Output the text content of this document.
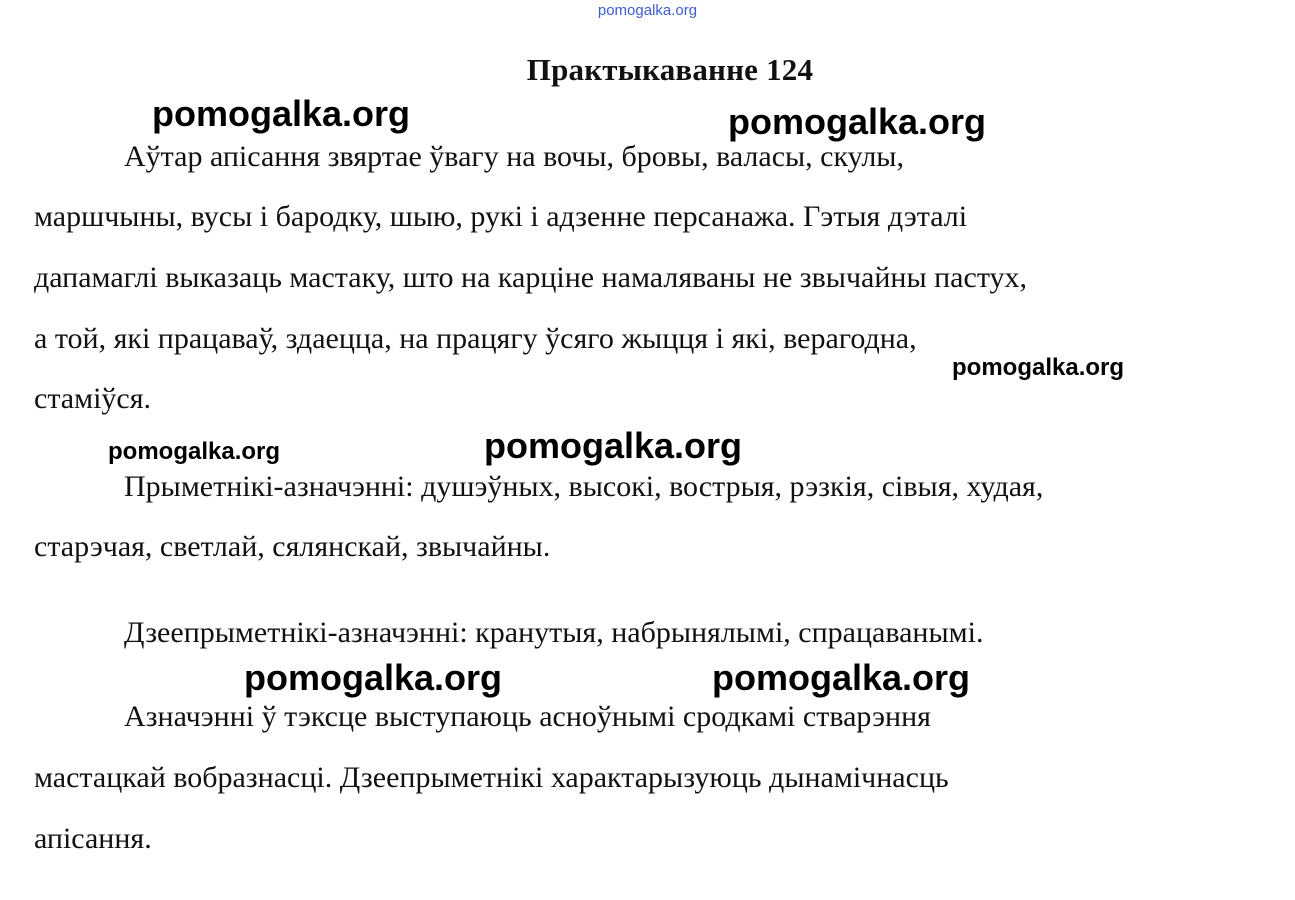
pomogalka.org
Практыкаванне 124
Аўтар апісання звяртае ўвагу на вочы, бровы, валасы, скулы,
маршчыны, вусы і бародку, шыю, рукі і адзенне персанажа. Гэтыя дэталі
дапамаглі выказаць мастаку, што на карціне намаляваны не звычайны пастух,
а той, які працаваў, здаецца, на працягу ўсяго жыцця і які, верагодна,
стаміўся.
Прыметнікі-азначэнні: душэўных, высокі, вострыя, рэзкія, сівыя, худая,
старэчая, светлай, сялянскай, звычайны.
Дзеепрыметнікі-азначэнні: кранутыя, набрынялымі, спрацаванымі.
Азначэнні ў тэксце выступаюць асноўнымі сродкамі стварэння
мастацкай вобразнасці. Дзеепрыметнікі характарызуюць дынамічнасць
апісання.
pomogalka.org	pomogalka.org
pomogalka.org
pomogalka.org	pomogalka.org
pomogalka.org	pomogalka.org
